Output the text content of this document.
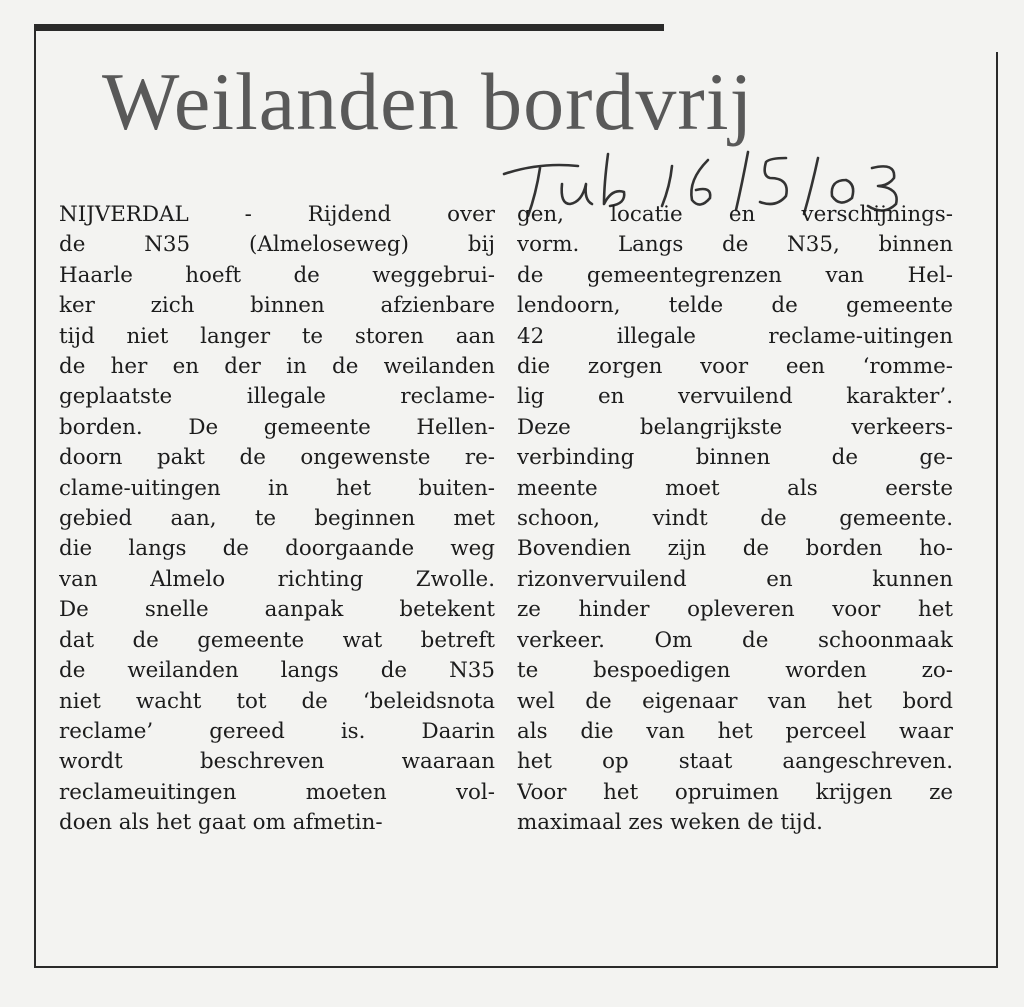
Weilanden bordvrij
NIJVERDAL - Rijdend over
de N35 (Almeloseweg) bij
Haarle hoeft de weggebrui-
ker zich binnen afzienbare
tijd niet langer te storen aan
de her en der in de weilanden
geplaatste illegale reclame-
borden. De gemeente Hellen-
doorn pakt de ongewenste re-
clame-uitingen in het buiten-
gebied aan, te beginnen met
die langs de doorgaande weg
van Almelo richting Zwolle.
De snelle aanpak betekent
dat de gemeente wat betreft
de weilanden langs de N35
niet wacht tot de ‘beleidsnota
reclame’ gereed is. Daarin
wordt beschreven waaraan
reclameuitingen moeten vol-
doen als het gaat om afmetin-
gen, locatie en verschijnings-
vorm. Langs de N35, binnen
de gemeentegrenzen van Hel-
lendoorn, telde de gemeente
42 illegale reclame-uitingen
die zorgen voor een ‘romme-
lig en vervuilend karakter’.
Deze belangrijkste verkeers-
verbinding binnen de ge-
meente moet als eerste
schoon, vindt de gemeente.
Bovendien zijn de borden ho-
rizonvervuilend en kunnen
ze hinder opleveren voor het
verkeer. Om de schoonmaak
te bespoedigen worden zo-
wel de eigenaar van het bord
als die van het perceel waar
het op staat aangeschreven.
Voor het opruimen krijgen ze
maximaal zes weken de tijd.
